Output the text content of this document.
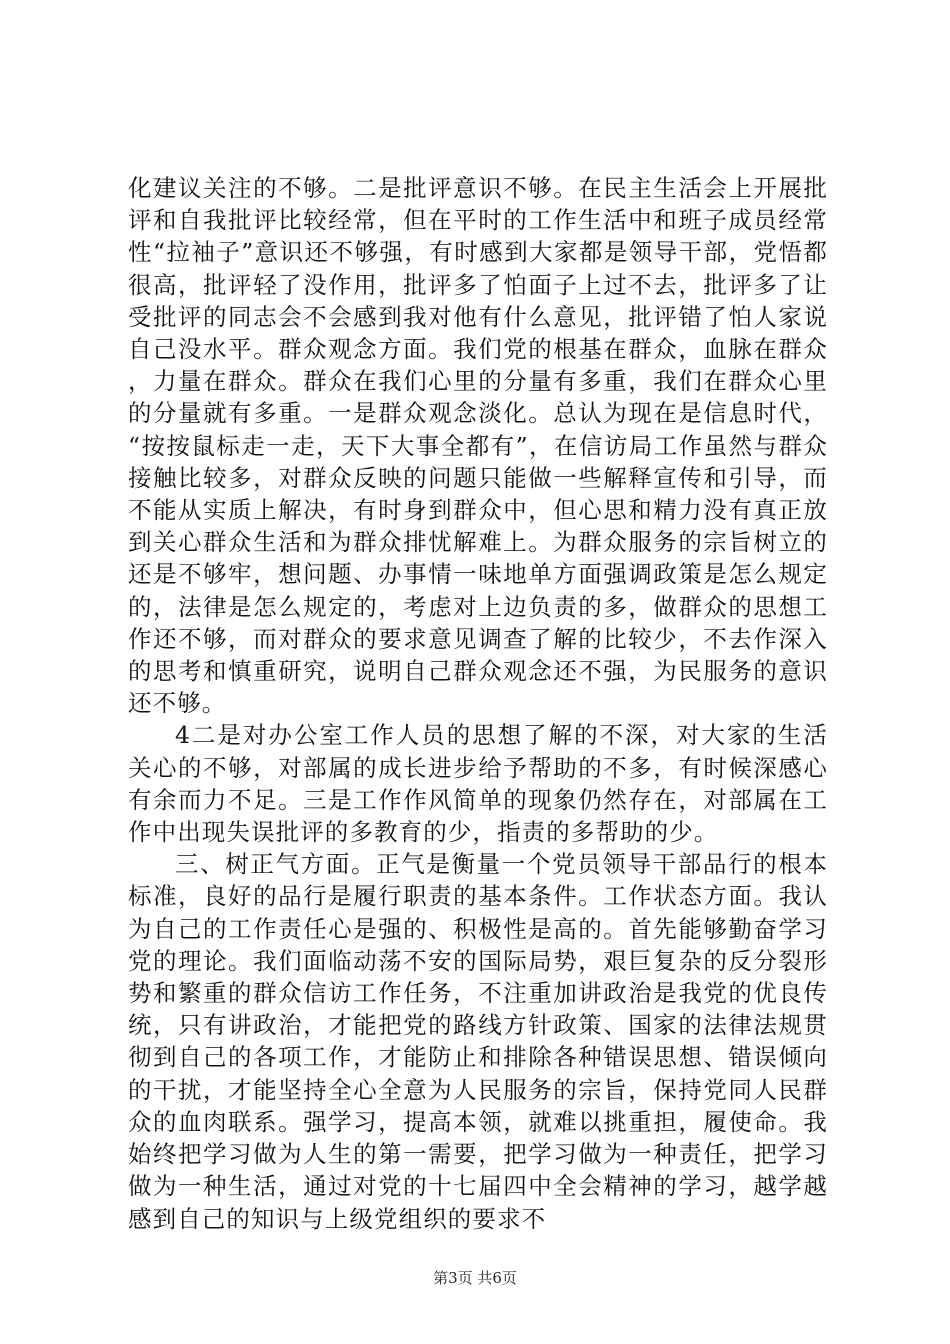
化建议关注的不够。二是批评意识不够。在民主生活会上开展批评和自我批评比较经常，但在平时的工作生活中和班子成员经常性“拉袖子”意识还不够强，有时感到大家都是领导干部，党悟都很高，批评轻了没作用，批评多了怕面子上过不去，批评多了让受批评的同志会不会感到我对他有什么意见，批评错了怕人家说自己没水平。群众观念方面。我们党的根基在群众，血脉在群众，力量在群众。群众在我们心里的分量有多重，我们在群众心里的分量就有多重。一是群众观念淡化。总认为现在是信息时代，“按按鼠标走一走，天下大事全都有”，在信访局工作虽然与群众接触比较多，对群众反映的问题只能做一些解释宣传和引导，而不能从实质上解决，有时身到群众中，但心思和精力没有真正放到关心群众生活和为群众排忧解难上。为群众服务的宗旨树立的还是不够牢，想问题、办事情一味地单方面强调政策是怎么规定的，法律是怎么规定的，考虑对上边负责的多，做群众的思想工作还不够，而对群众的要求意见调查了解的比较少，不去作深入的思考和慎重研究，说明自己群众观念还不强，为民服务的意识还不够。

4二是对办公室工作人员的思想了解的不深，对大家的生活关心的不够，对部属的成长进步给予帮助的不多，有时候深感心有余而力不足。三是工作作风简单的现象仍然存在，对部属在工作中出现失误批评的多教育的少，指责的多帮助的少。

三、树正气方面。正气是衡量一个党员领导干部品行的根本标准，良好的品行是履行职责的基本条件。工作状态方面。我认为自己的工作责任心是强的、积极性是高的。首先能够勤奋学习党的理论。我们面临动荡不安的国际局势，艰巨复杂的反分裂形势和繁重的群众信访工作任务，不注重加讲政治是我党的优良传统，只有讲政治，才能把党的路线方针政策、国家的法律法规贯彻到自己的各项工作，才能防止和排除各种错误思想、错误倾向的干扰，才能坚持全心全意为人民服务的宗旨，保持党同人民群众的血肉联系。强学习，提高本领，就难以挑重担，履使命。我始终把学习做为人生的第一需要，把学习做为一种责任，把学习做为一种生活，通过对党的十七届四中全会精神的学习，越学越感到自己的知识与上级党组织的要求不

第3页 共6页
